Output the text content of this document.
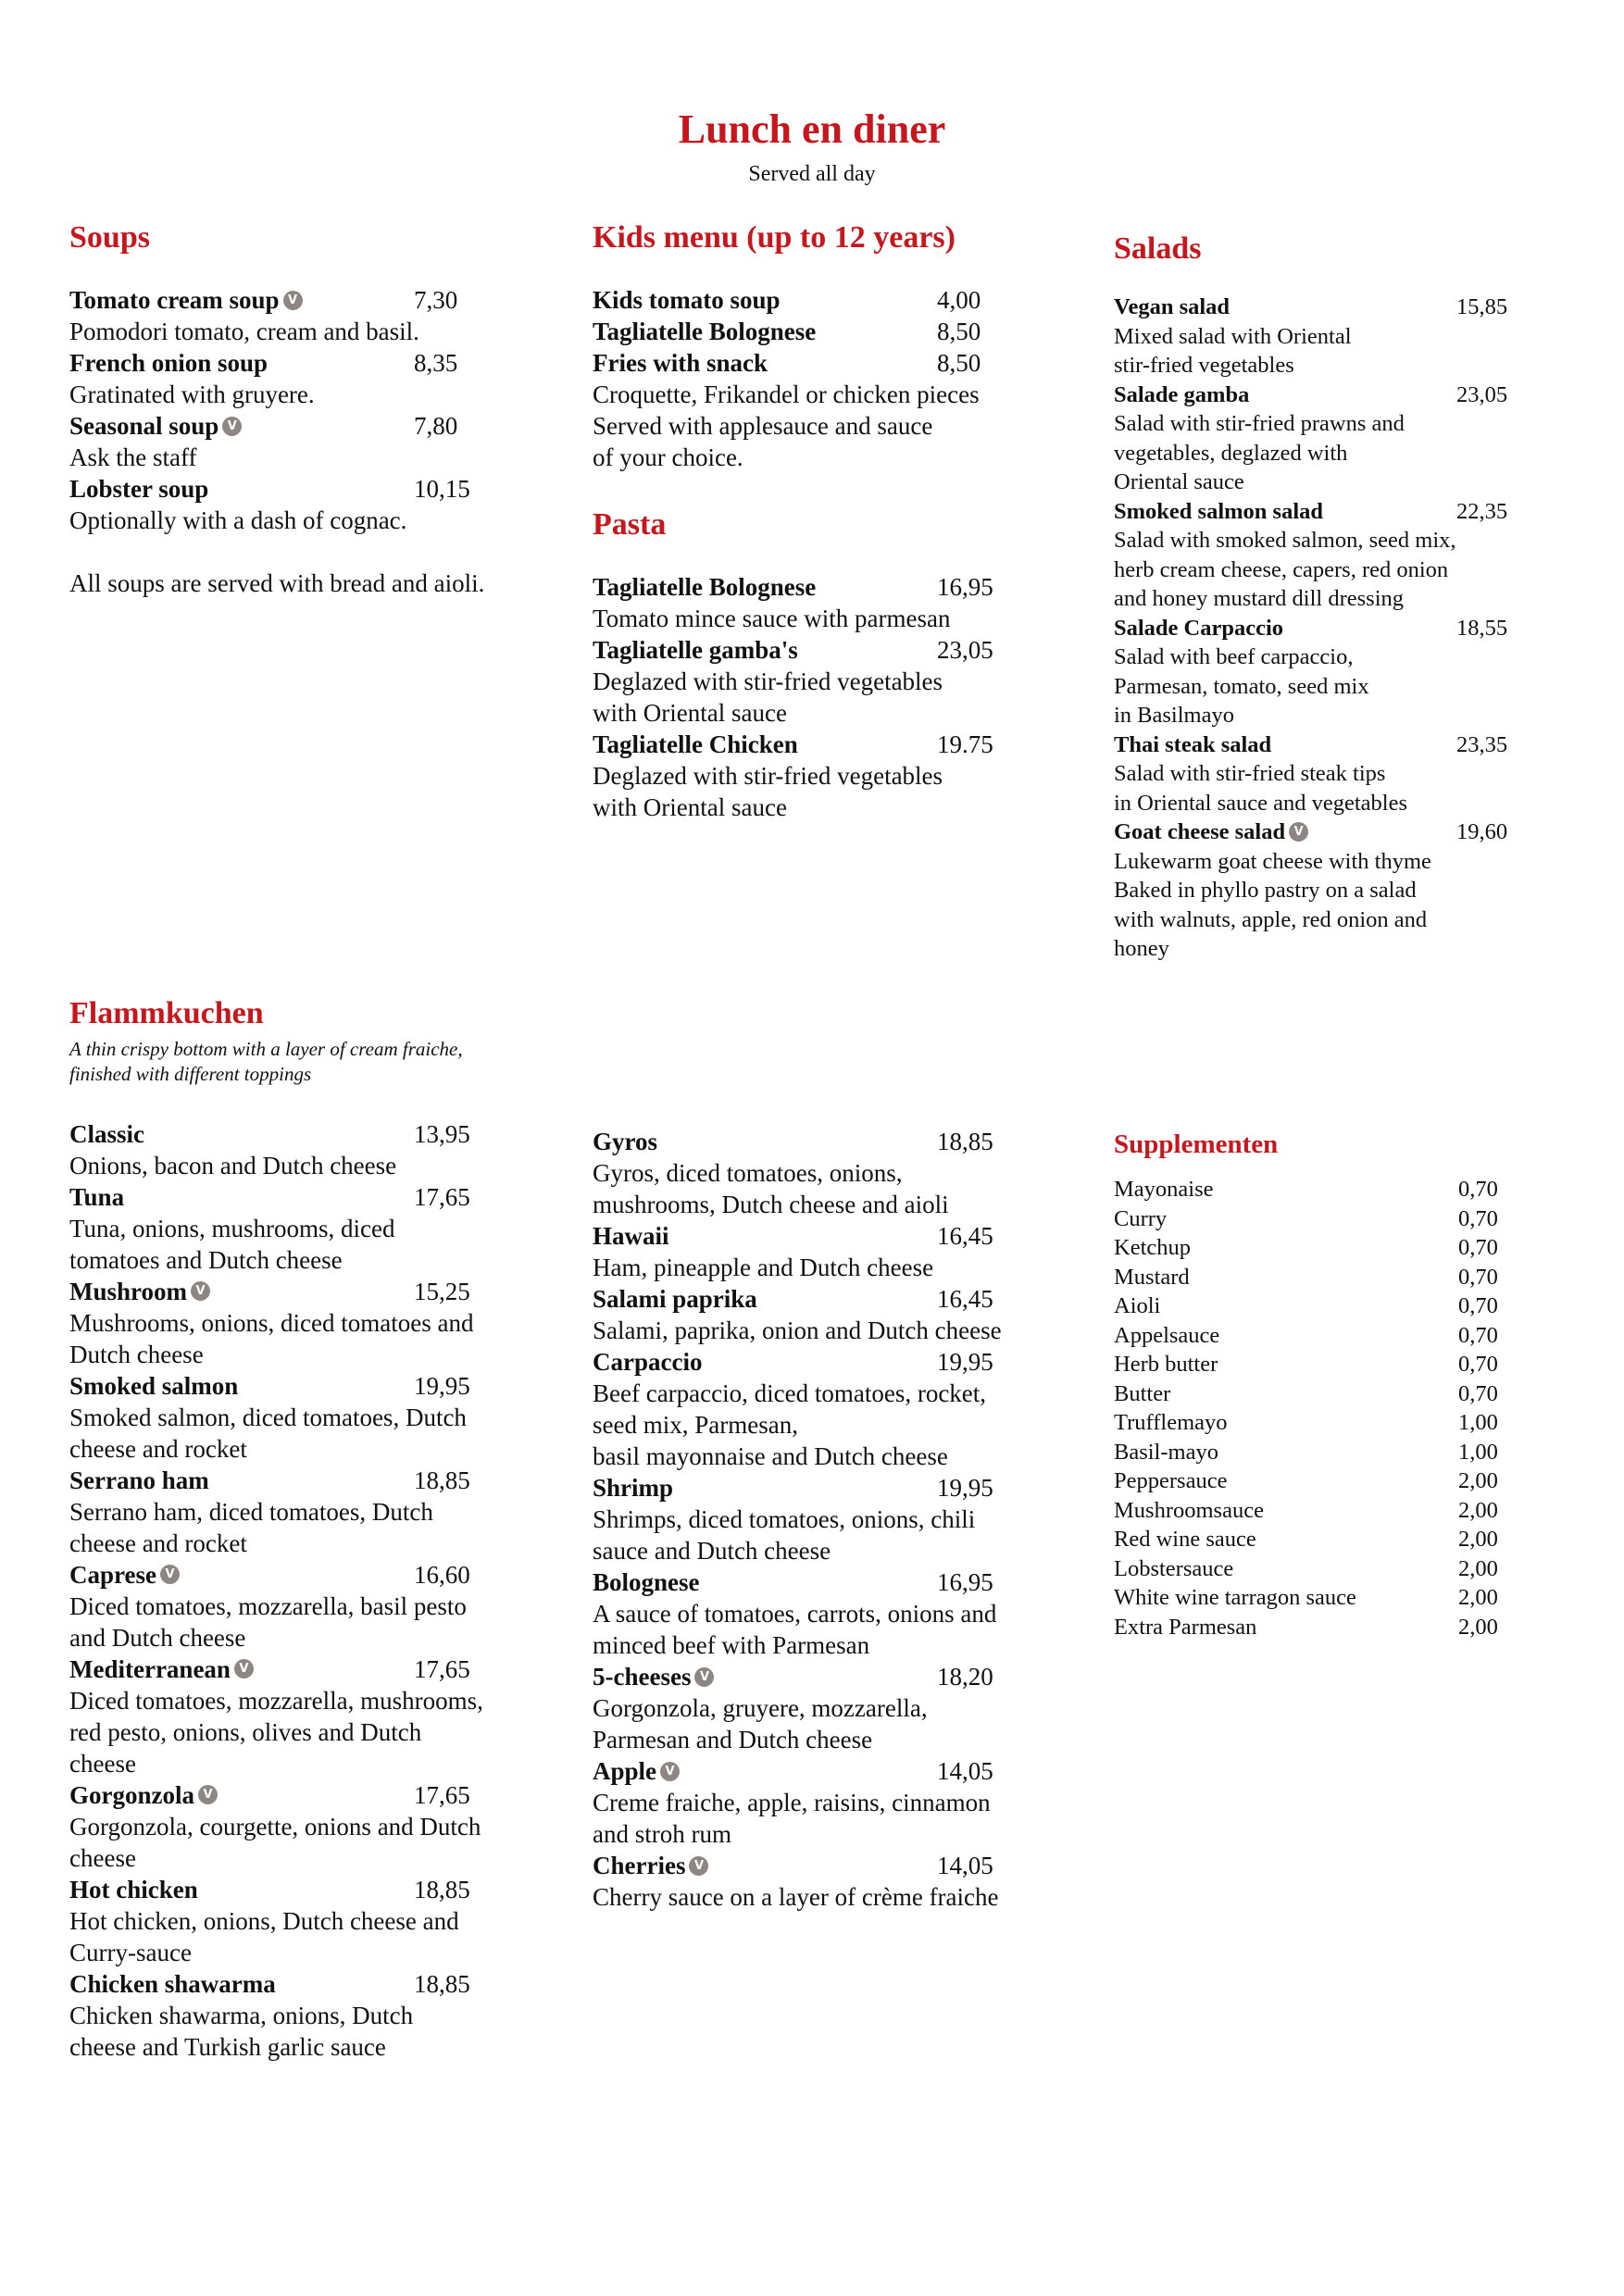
Lunch en diner
Served all day
Soups
Tomato cream soup V	7,30
Pomodori tomato, cream and basil.
French onion soup	8,35
Gratinated with gruyere.
Seasonal soup V	7,80
Ask the staff
Lobster soup	10,15
Optionally with a dash of cognac.
All soups are served with bread and aioli.
Kids menu (up to 12 years)
Kids tomato soup	4,00
Tagliatelle Bolognese	8,50
Fries with snack	8,50
Croquette, Frikandel or chicken pieces
Served with applesauce and sauce
of your choice.
Pasta
Tagliatelle Bolognese	16,95
Tomato mince sauce with parmesan
Tagliatelle gamba's	23,05
Deglazed with stir-fried vegetables
with Oriental sauce
Tagliatelle Chicken	19.75
Deglazed with stir-fried vegetables
with Oriental sauce
Salads
Vegan salad	15,85
Mixed salad with Oriental
stir-fried vegetables
Salade gamba	23,05
Salad with stir-fried prawns and
vegetables, deglazed with
Oriental sauce
Smoked salmon salad	22,35
Salad with smoked salmon, seed mix,
herb cream cheese, capers, red onion
and honey mustard dill dressing
Salade Carpaccio	18,55
Salad with beef carpaccio,
Parmesan, tomato, seed mix
in Basilmayo
Thai steak salad	23,35
Salad with stir-fried steak tips
in Oriental sauce and vegetables
Goat cheese salad V	19,60
Lukewarm goat cheese with thyme
Baked in phyllo pastry on a salad
with walnuts, apple, red onion and
honey
Flammkuchen
A thin crispy bottom with a layer of cream fraiche,
finished with different toppings
Classic	13,95
Onions, bacon and Dutch cheese
Tuna	17,65
Tuna, onions, mushrooms, diced
tomatoes and Dutch cheese
Mushroom V	15,25
Mushrooms, onions, diced tomatoes and
Dutch cheese
Smoked salmon	19,95
Smoked salmon, diced tomatoes, Dutch
cheese and rocket
Serrano ham	18,85
Serrano ham, diced tomatoes, Dutch
cheese and rocket
Caprese V	16,60
Diced tomatoes, mozzarella, basil pesto
and Dutch cheese
Mediterranean V	17,65
Diced tomatoes, mozzarella, mushrooms,
red pesto, onions, olives and Dutch
cheese
Gorgonzola V	17,65
Gorgonzola, courgette, onions and Dutch
cheese
Hot chicken	18,85
Hot chicken, onions, Dutch cheese and
Curry-sauce
Chicken shawarma	18,85
Chicken shawarma, onions, Dutch
cheese and Turkish garlic sauce
Gyros	18,85
Gyros, diced tomatoes, onions,
mushrooms, Dutch cheese and aioli
Hawaii	16,45
Ham, pineapple and Dutch cheese
Salami paprika	16,45
Salami, paprika, onion and Dutch cheese
Carpaccio	19,95
Beef carpaccio, diced tomatoes, rocket,
seed mix, Parmesan,
basil mayonnaise and Dutch cheese
Shrimp	19,95
Shrimps, diced tomatoes, onions, chili
sauce and Dutch cheese
Bolognese	16,95
A sauce of tomatoes, carrots, onions and
minced beef with Parmesan
5-cheeses V	18,20
Gorgonzola, gruyere, mozzarella,
Parmesan and Dutch cheese
Apple V	14,05
Creme fraiche, apple, raisins, cinnamon
and stroh rum
Cherries V	14,05
Cherry sauce on a layer of crème fraiche
Supplementen
Mayonaise	0,70
Curry	0,70
Ketchup	0,70
Mustard	0,70
Aioli	0,70
Appelsauce	0,70
Herb butter	0,70
Butter	0,70
Trufflemayo	1,00
Basil-mayo	1,00
Peppersauce	2,00
Mushroomsauce	2,00
Red wine sauce	2,00
Lobstersauce	2,00
White wine tarragon sauce	2,00
Extra Parmesan	2,00
